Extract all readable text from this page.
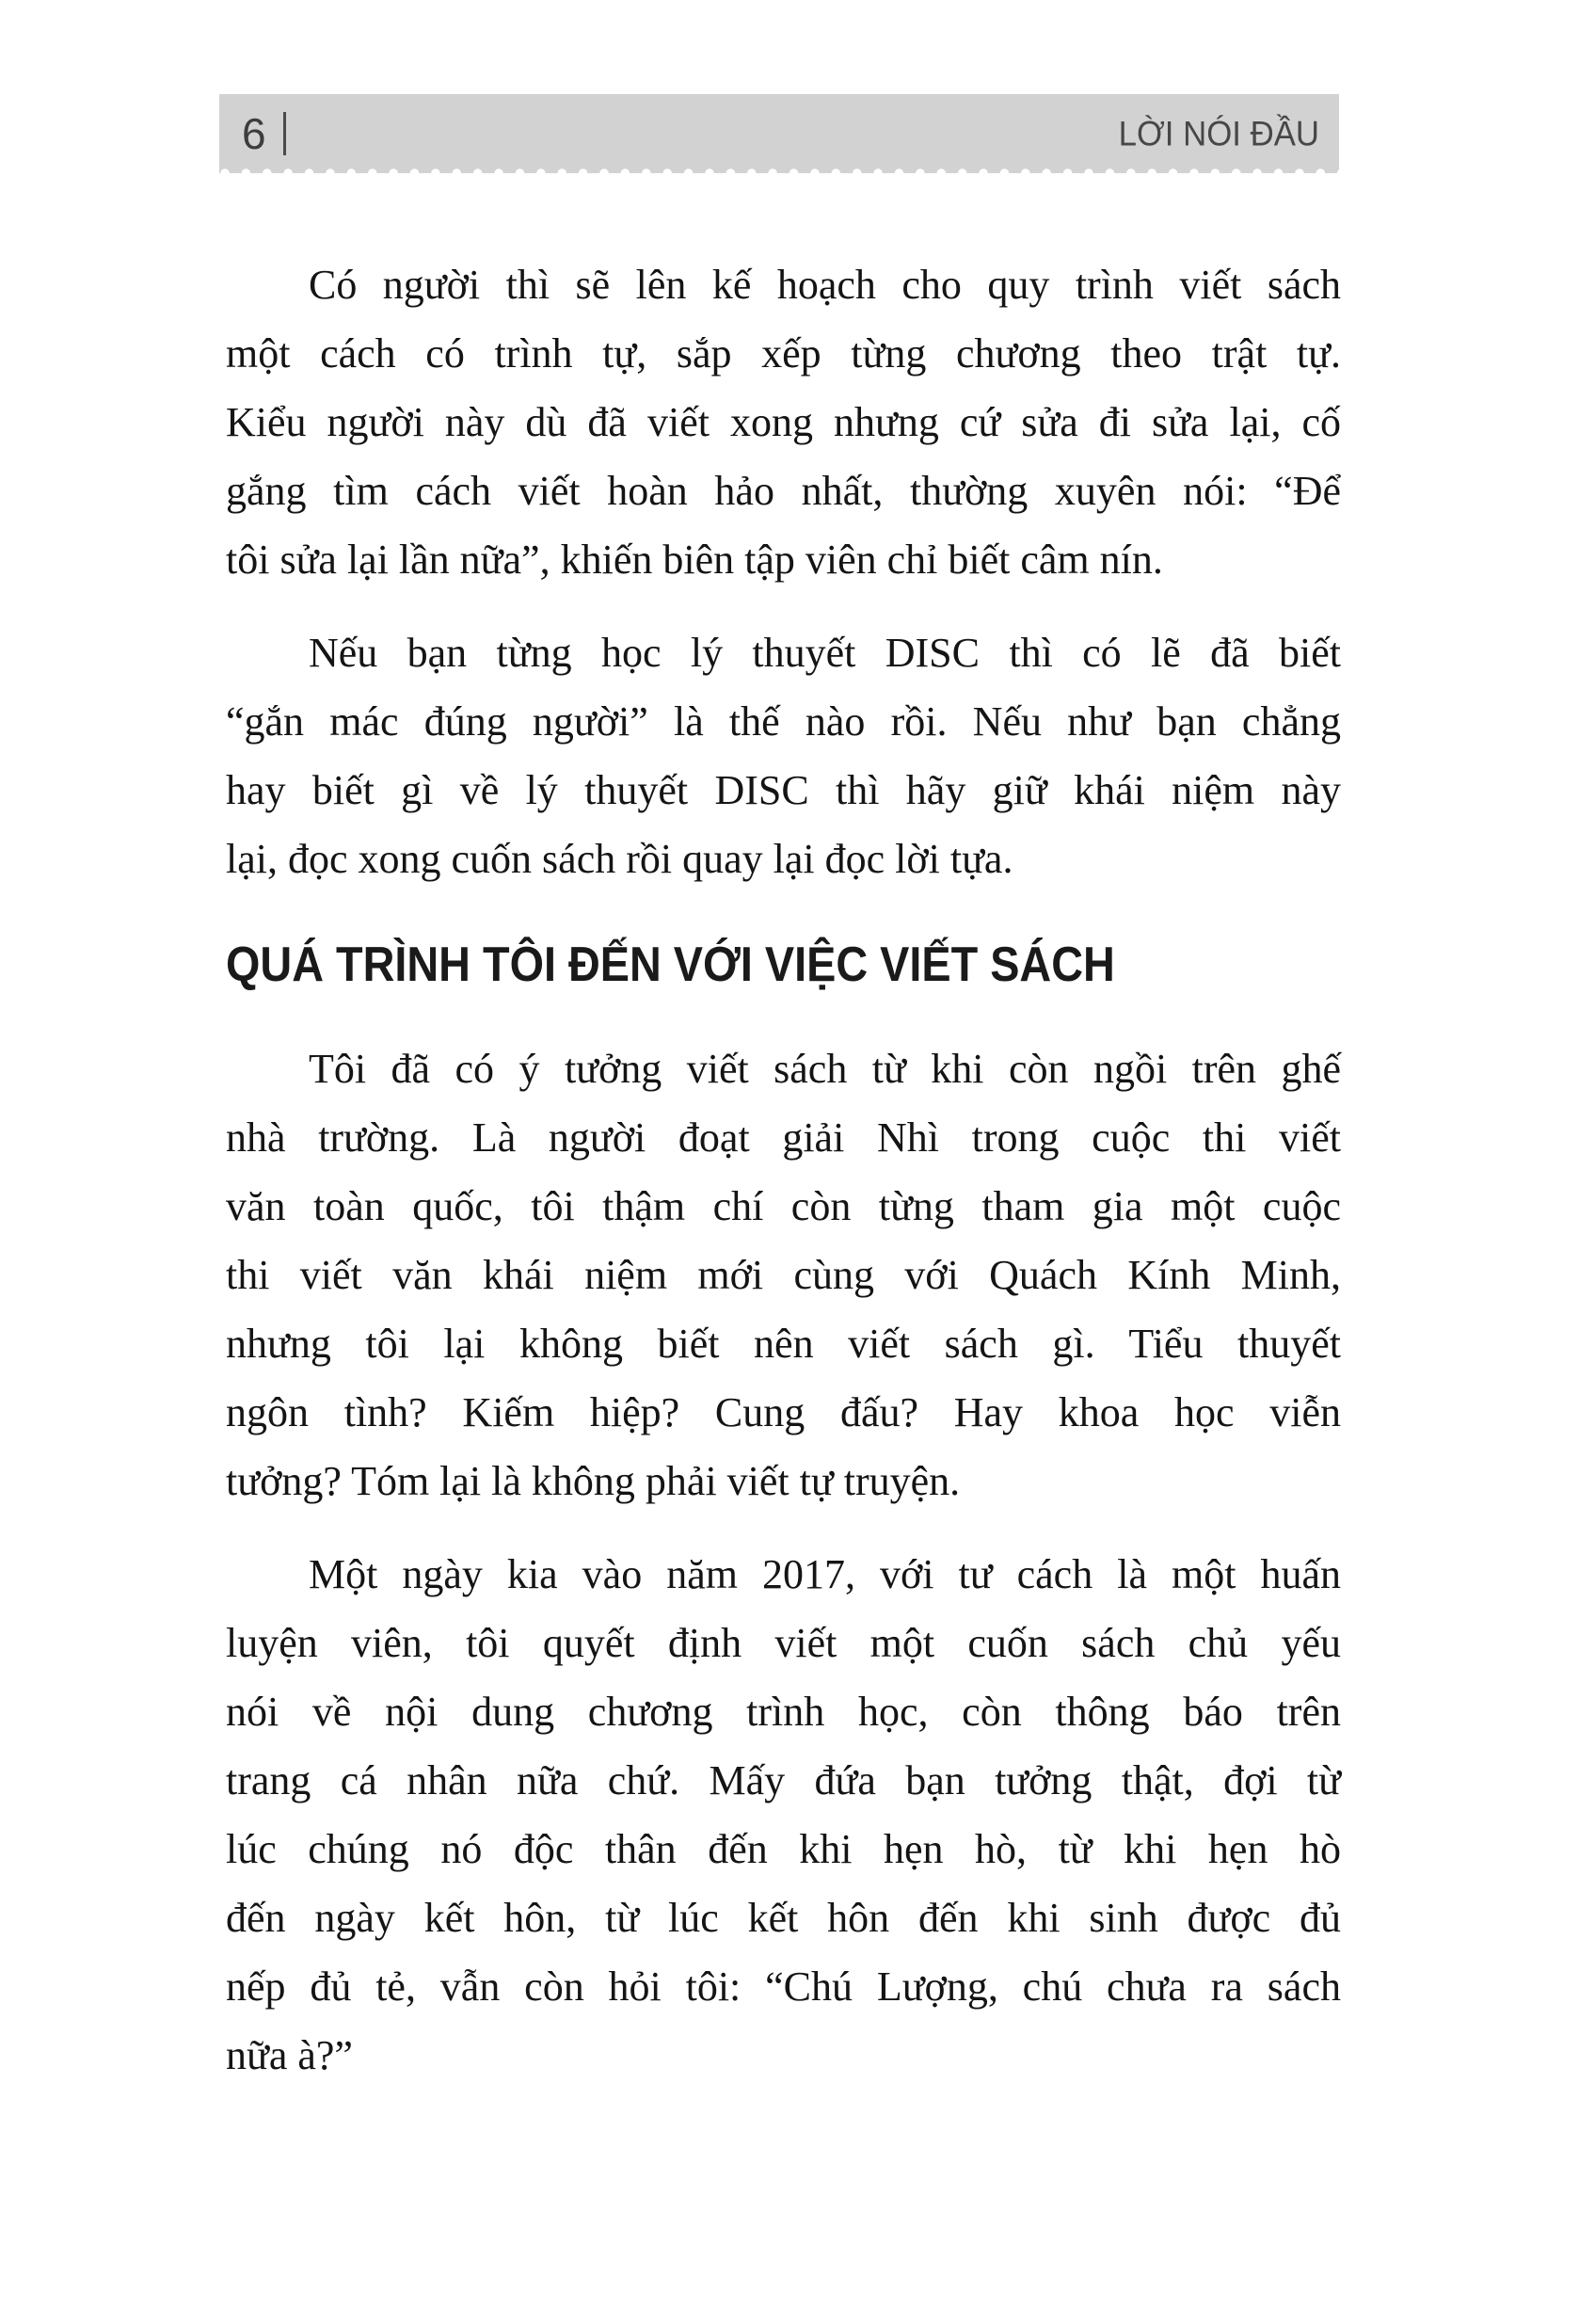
6	LỜI NÓI ĐẦU

Có người thì sẽ lên kế hoạch cho quy trình viết sách
một cách có trình tự, sắp xếp từng chương theo trật tự.
Kiểu người này dù đã viết xong nhưng cứ sửa đi sửa lại, cố
gắng tìm cách viết hoàn hảo nhất, thường xuyên nói: “Để
tôi sửa lại lần nữa”, khiến biên tập viên chỉ biết câm nín.

Nếu bạn từng học lý thuyết DISC thì có lẽ đã biết
“gắn mác đúng người” là thế nào rồi. Nếu như bạn chẳng
hay biết gì về lý thuyết DISC thì hãy giữ khái niệm này
lại, đọc xong cuốn sách rồi quay lại đọc lời tựa.

QUÁ TRÌNH TÔI ĐẾN VỚI VIỆC VIẾT SÁCH

Tôi đã có ý tưởng viết sách từ khi còn ngồi trên ghế
nhà trường. Là người đoạt giải Nhì trong cuộc thi viết
văn toàn quốc, tôi thậm chí còn từng tham gia một cuộc
thi viết văn khái niệm mới cùng với Quách Kính Minh,
nhưng tôi lại không biết nên viết sách gì. Tiểu thuyết
ngôn tình? Kiếm hiệp? Cung đấu? Hay khoa học viễn
tưởng? Tóm lại là không phải viết tự truyện.

Một ngày kia vào năm 2017, với tư cách là một huấn
luyện viên, tôi quyết định viết một cuốn sách chủ yếu
nói về nội dung chương trình học, còn thông báo trên
trang cá nhân nữa chứ. Mấy đứa bạn tưởng thật, đợi từ
lúc chúng nó độc thân đến khi hẹn hò, từ khi hẹn hò
đến ngày kết hôn, từ lúc kết hôn đến khi sinh được đủ
nếp đủ tẻ, vẫn còn hỏi tôi: “Chú Lượng, chú chưa ra sách
nữa à?”
